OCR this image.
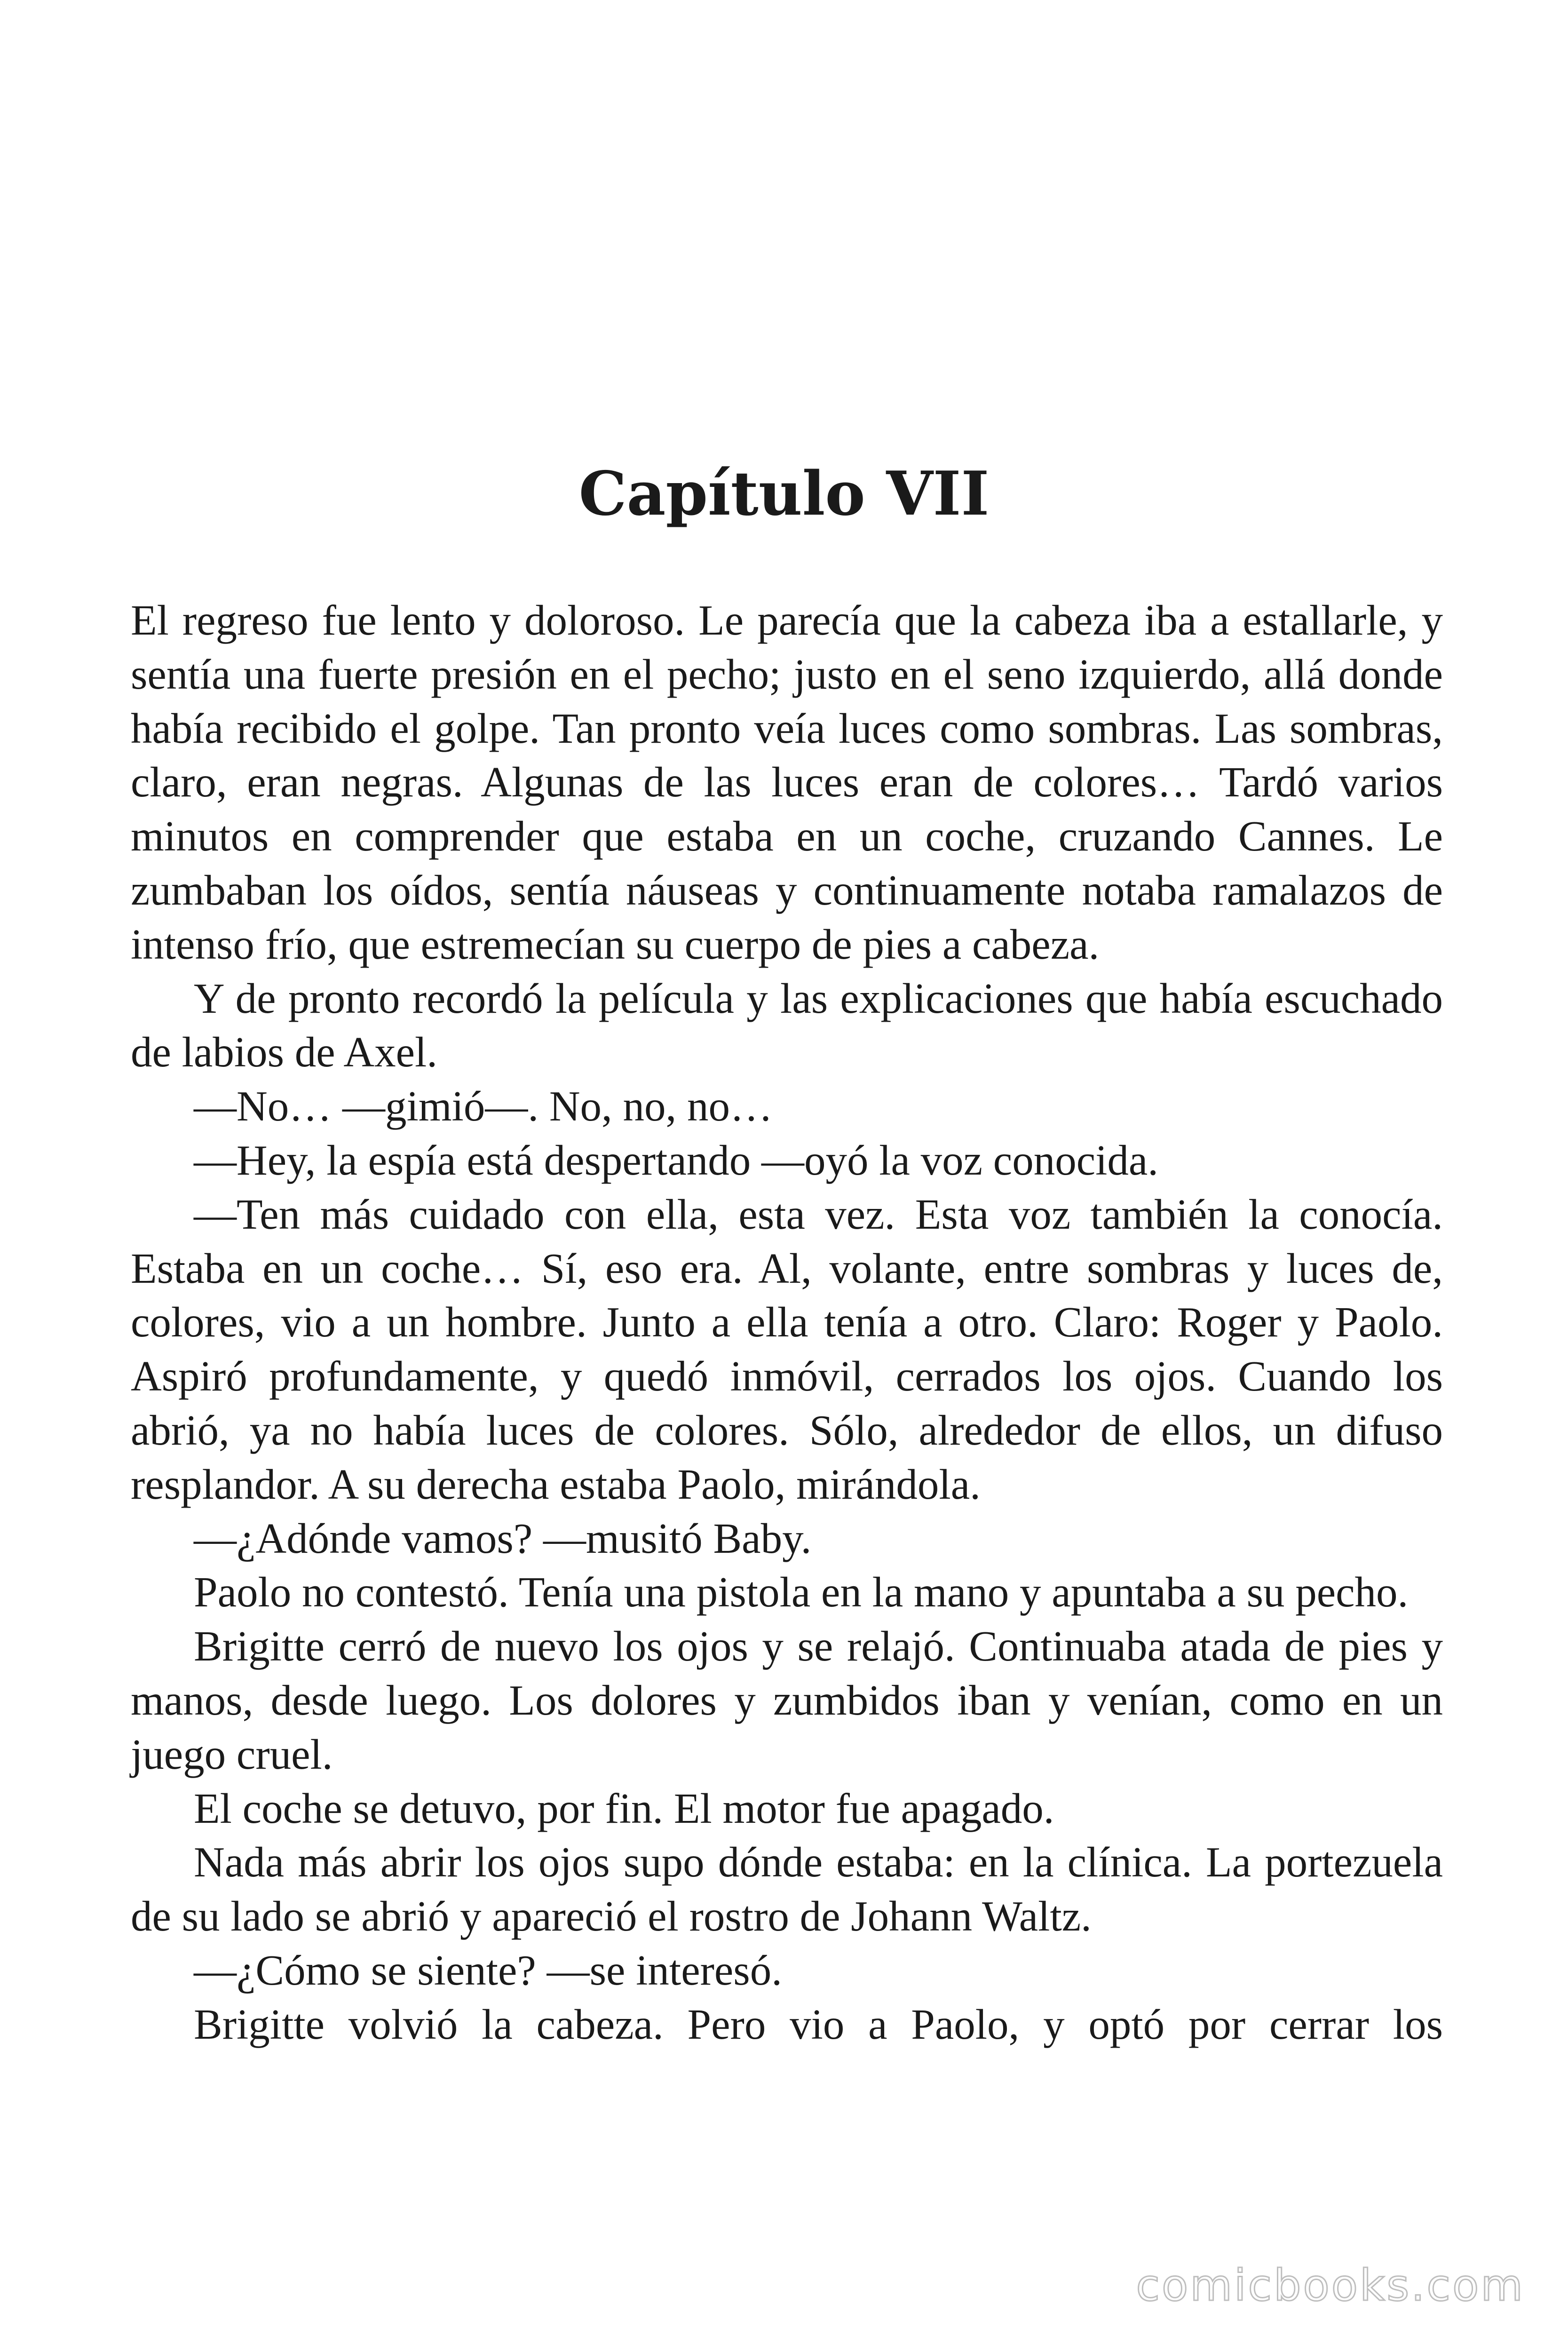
Capítulo VII

El regreso fue lento y doloroso. Le parecía que la cabeza iba a estallarle, y sentía una fuerte presión en el pecho; justo en el seno izquierdo, allá donde había recibido el golpe. Tan pronto veía luces como sombras. Las sombras, claro, eran negras. Algunas de las luces eran de colores… Tardó varios minutos en comprender que estaba en un coche, cruzando Cannes. Le zumbaban los oídos, sentía náuseas y continuamente notaba ramalazos de intenso frío, que estremecían su cuerpo de pies a cabeza.

Y de pronto recordó la película y las explicaciones que había escuchado de labios de Axel.

—No… —gimió—. No, no, no…

—Hey, la espía está despertando —oyó la voz conocida.

—Ten más cuidado con ella, esta vez. Esta voz también la conocía. Estaba en un coche… Sí, eso era. Al, volante, entre sombras y luces de, colores, vio a un hombre. Junto a ella tenía a otro. Claro: Roger y Paolo. Aspiró profundamente, y quedó inmóvil, cerrados los ojos. Cuando los abrió, ya no había luces de colores. Sólo, alrededor de ellos, un difuso resplandor. A su derecha estaba Paolo, mirándola.

—¿Adónde vamos? —musitó Baby.

Paolo no contestó. Tenía una pistola en la mano y apuntaba a su pecho.

Brigitte cerró de nuevo los ojos y se relajó. Continuaba atada de pies y manos, desde luego. Los dolores y zumbidos iban y venían, como en un juego cruel.

El coche se detuvo, por fin. El motor fue apagado.

Nada más abrir los ojos supo dónde estaba: en la clínica. La portezuela de su lado se abrió y apareció el rostro de Johann Waltz.

—¿Cómo se siente? —se interesó.

Brigitte volvió la cabeza. Pero vio a Paolo, y optó por cerrar los

comicbooks.com
